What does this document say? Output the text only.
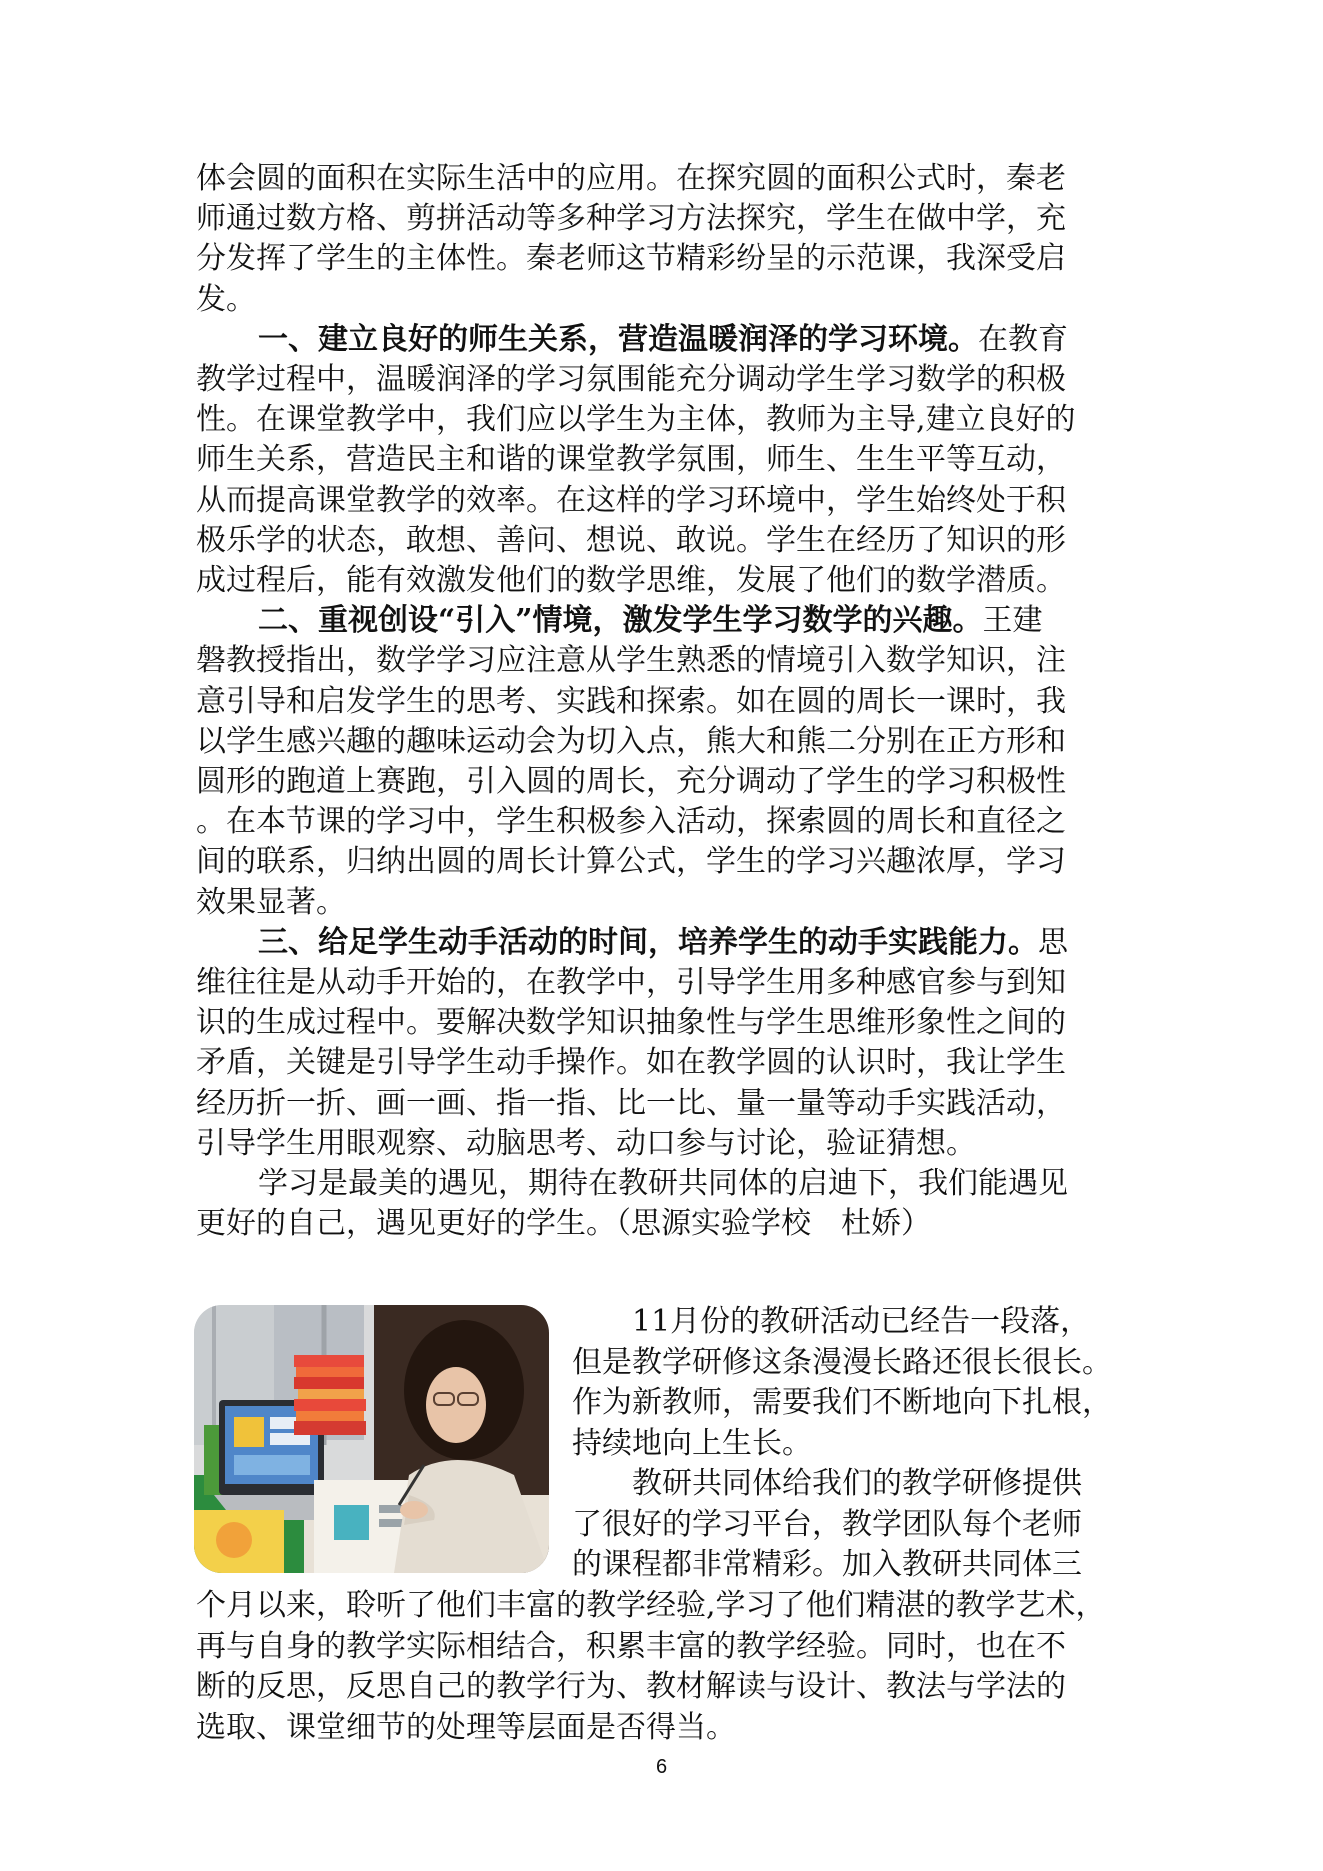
体会圆的面积在实际生活中的应用。在探究圆的面积公式时，秦老
师通过数方格、剪拼活动等多种学习方法探究，学生在做中学，充
分发挥了学生的主体性。秦老师这节精彩纷呈的示范课，我深受启
发。
一、建立良好的师生关系，营造温暖润泽的学习环境。在教育
教学过程中，温暖润泽的学习氛围能充分调动学生学习数学的积极
性。在课堂教学中，我们应以学生为主体，教师为主导,建立良好的
师生关系，营造民主和谐的课堂教学氛围，师生、生生平等互动，
从而提高课堂教学的效率。在这样的学习环境中，学生始终处于积
极乐学的状态，敢想、善问、想说、敢说。学生在经历了知识的形
成过程后，能有效激发他们的数学思维，发展了他们的数学潜质。
二、重视创设“引入”情境，激发学生学习数学的兴趣。王建
磐教授指出，数学学习应注意从学生熟悉的情境引入数学知识，注
意引导和启发学生的思考、实践和探索。如在圆的周长一课时，我
以学生感兴趣的趣味运动会为切入点，熊大和熊二分别在正方形和
圆形的跑道上赛跑，引入圆的周长，充分调动了学生的学习积极性
。在本节课的学习中，学生积极参入活动，探索圆的周长和直径之
间的联系，归纳出圆的周长计算公式，学生的学习兴趣浓厚，学习
效果显著。
三、给足学生动手活动的时间，培养学生的动手实践能力。思
维往往是从动手开始的，在教学中，引导学生用多种感官参与到知
识的生成过程中。要解决数学知识抽象性与学生思维形象性之间的
矛盾，关键是引导学生动手操作。如在教学圆的认识时，我让学生
经历折一折、画一画、指一指、比一比、量一量等动手实践活动，
引导学生用眼观察、动脑思考、动口参与讨论，验证猜想。
学习是最美的遇见，期待在教研共同体的启迪下，我们能遇见
更好的自己，遇见更好的学生。（思源实验学校　杜娇）
11月份的教研活动已经告一段落，
但是教学研修这条漫漫长路还很长很长。
作为新教师，需要我们不断地向下扎根，
持续地向上生长。
教研共同体给我们的教学研修提供
了很好的学习平台，教学团队每个老师
的课程都非常精彩。加入教研共同体三
个月以来，聆听了他们丰富的教学经验,学习了他们精湛的教学艺术，
再与自身的教学实际相结合，积累丰富的教学经验。同时，也在不
断的反思，反思自己的教学行为、教材解读与设计、教法与学法的
选取、课堂细节的处理等层面是否得当。
6
